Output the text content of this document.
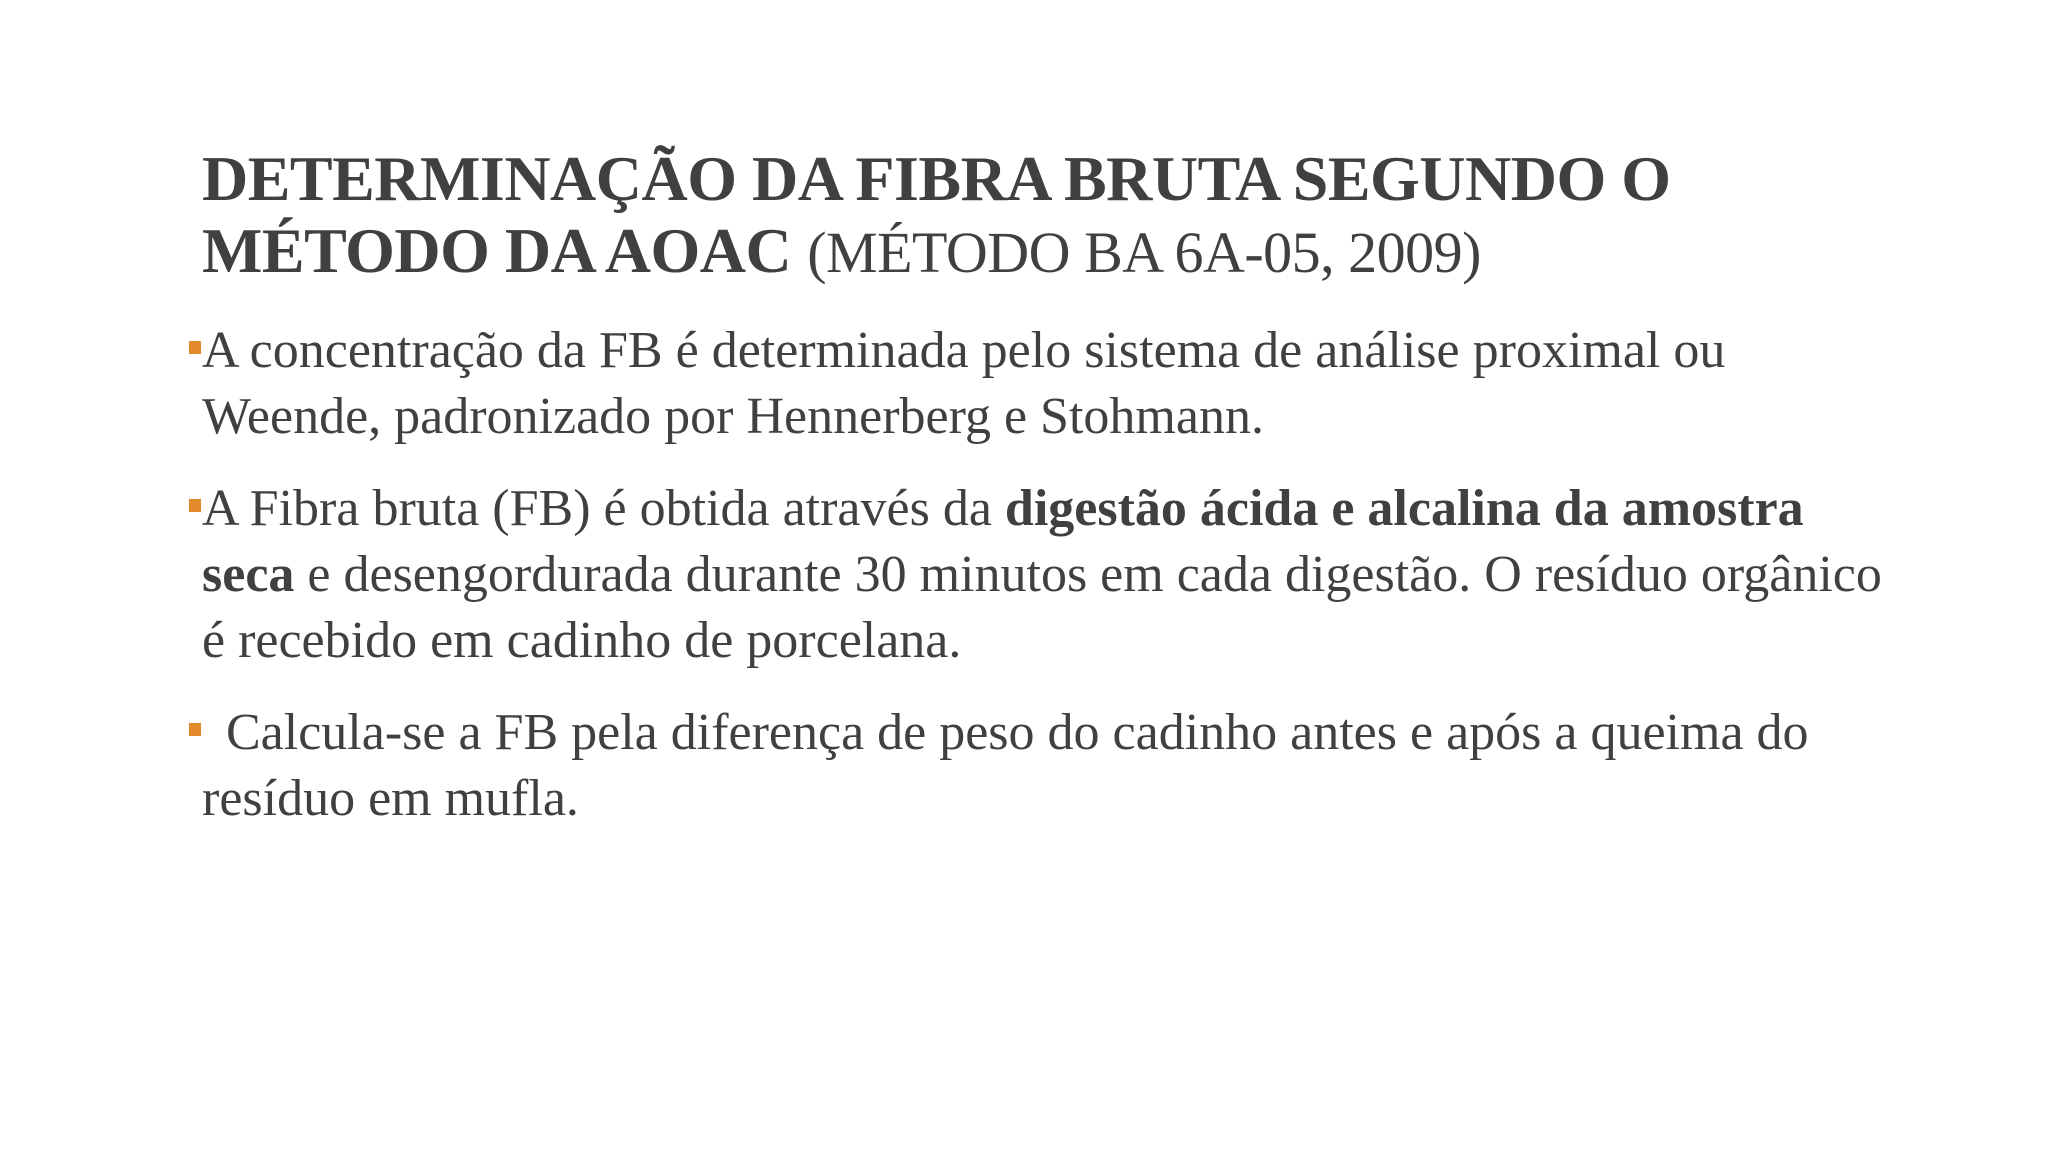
DETERMINAÇÃO DA FIBRA BRUTA SEGUNDO O
MÉTODO DA AOAC (MÉTODO BA 6A-05, 2009)

A concentração da FB é determinada pelo sistema de análise proximal ou Weende, padronizado por Hennerberg e Stohmann.

A Fibra bruta (FB) é obtida através da digestão ácida e alcalina da amostra seca e desengordurada durante 30 minutos em cada digestão. O resíduo orgânico é recebido em cadinho de porcelana.

Calcula-se a FB pela diferença de peso do cadinho antes e após a queima do resíduo em mufla.
